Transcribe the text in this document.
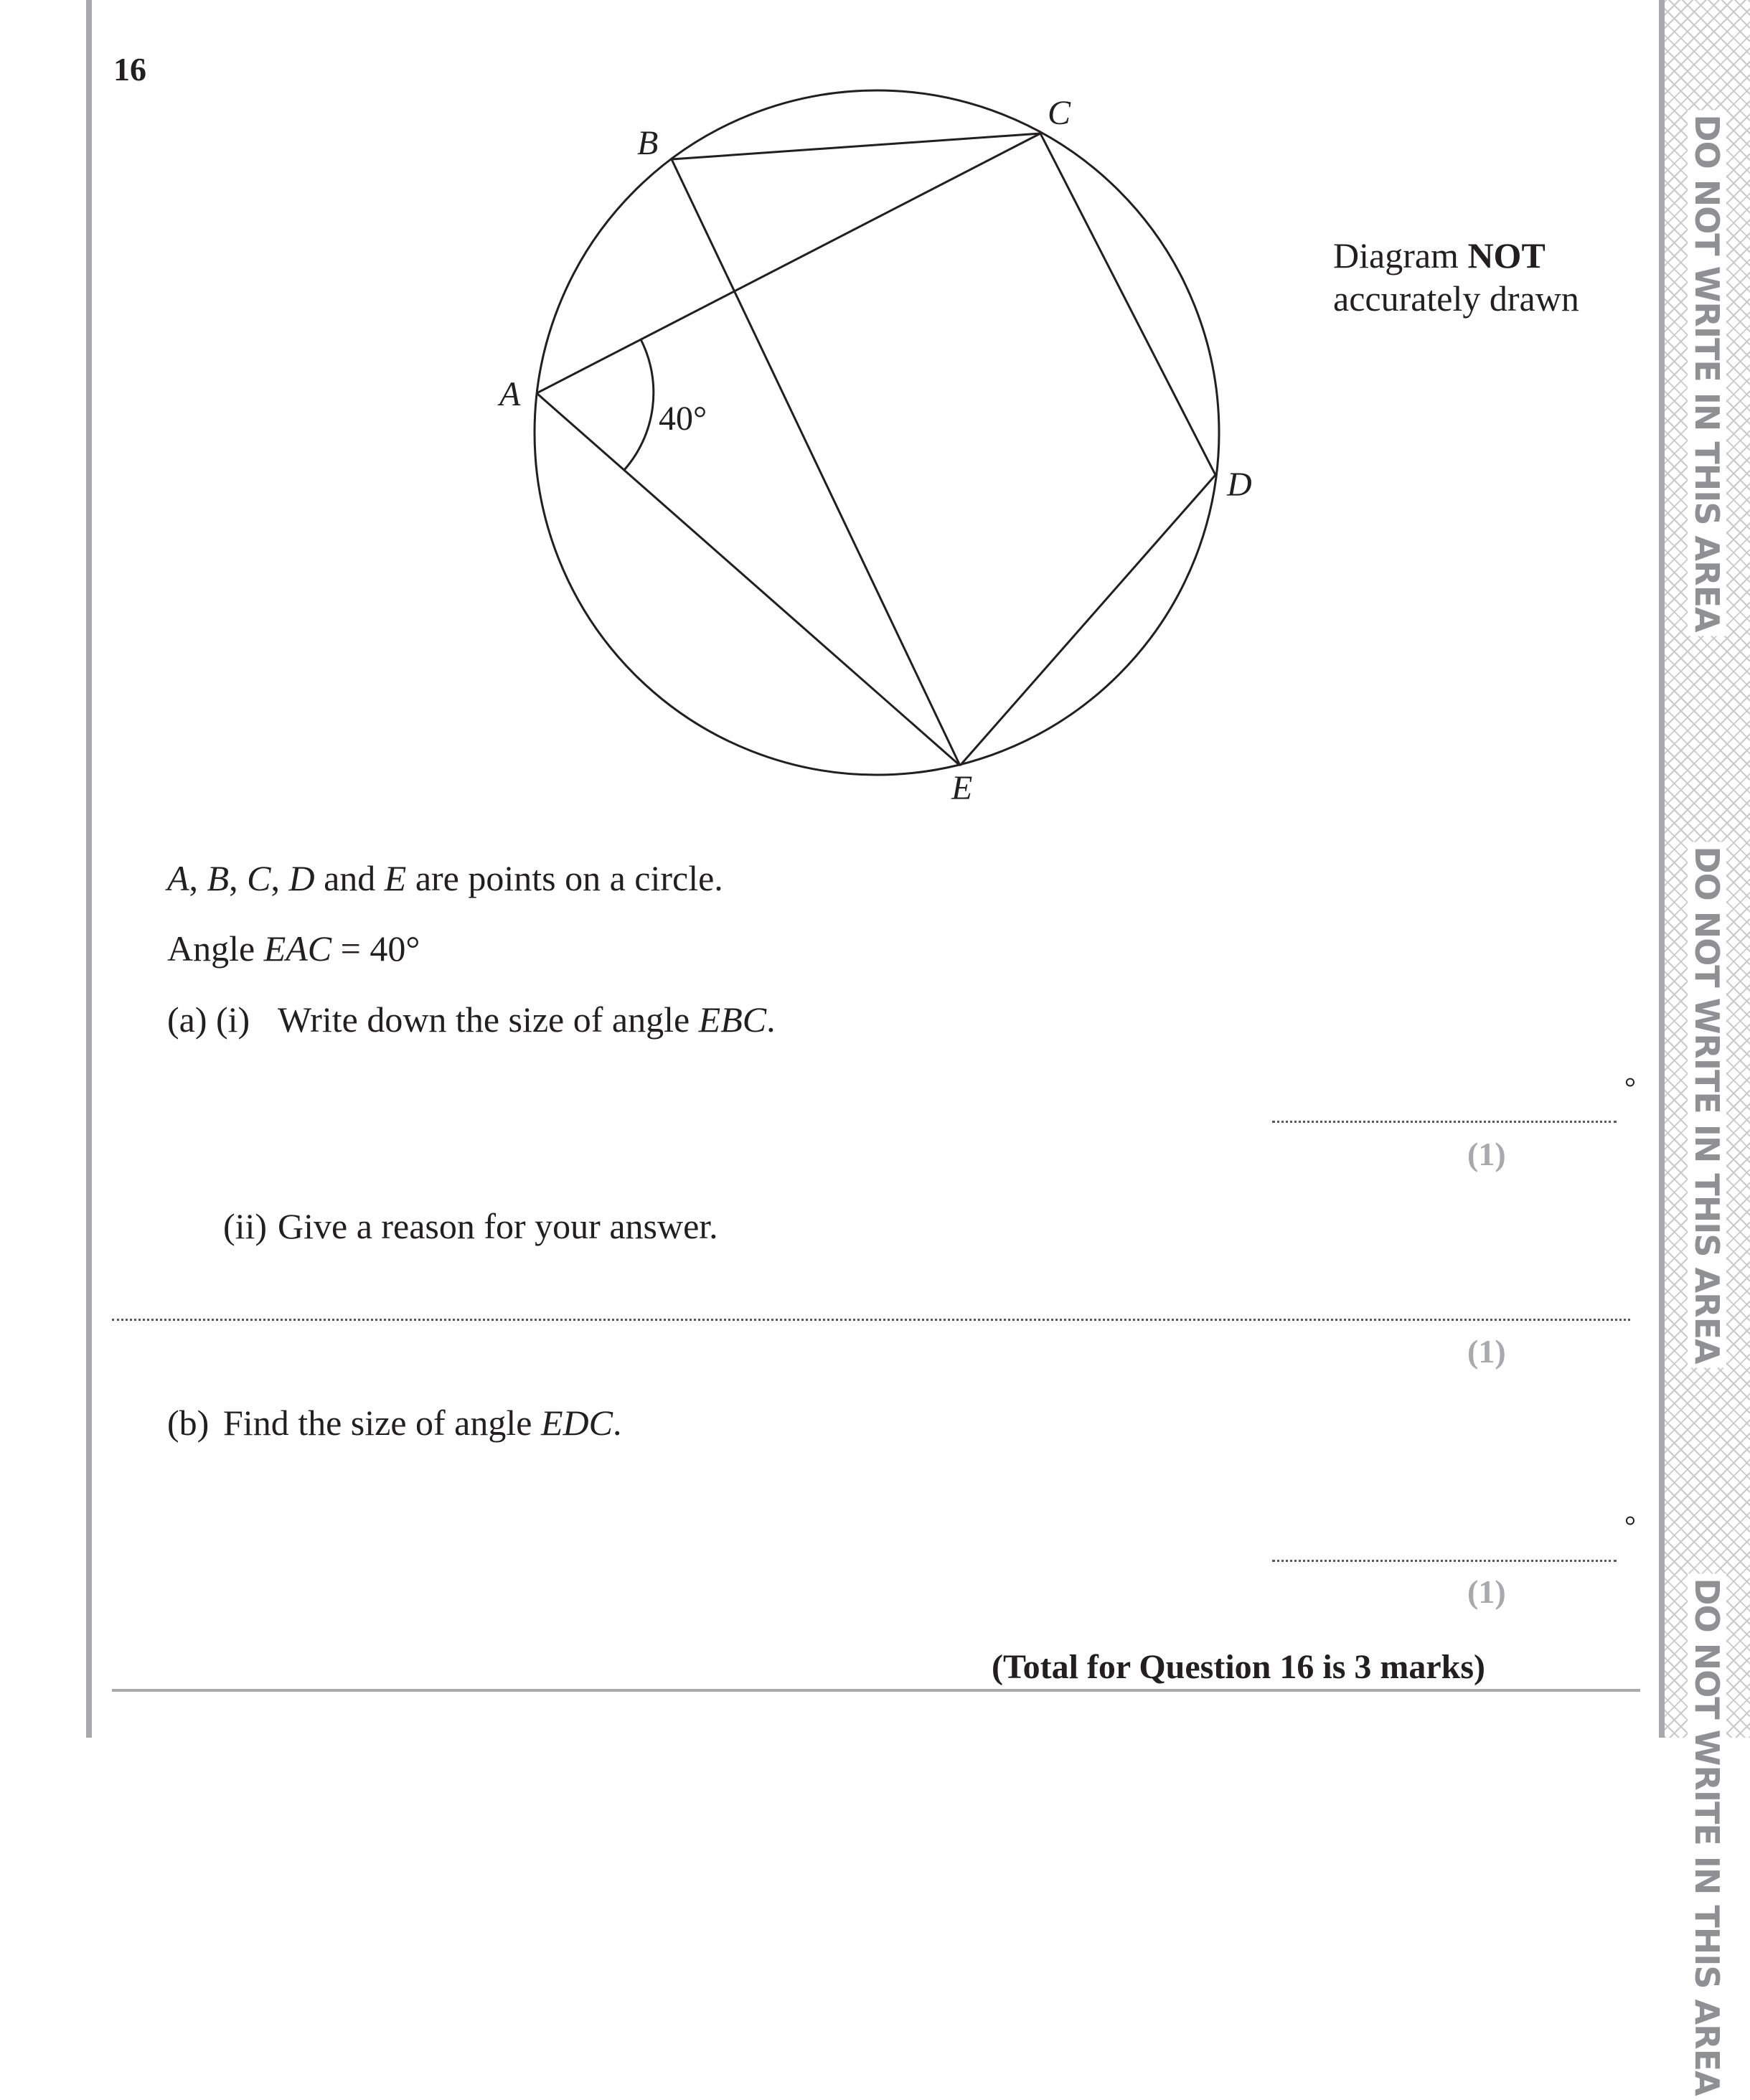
DO NOT WRITE IN THIS AREA
DO NOT WRITE IN THIS AREA
DO NOT WRITE IN THIS AREA
16
B
C
A
D
E
40°
Diagram NOT
accurately drawn
A, B, C, D and E are points on a circle.
Angle EAC = 40°
(a) (i) Write down the size of angle EBC.
°
(1)
(ii) Give a reason for your answer.
(1)
(b) Find the size of angle EDC.
°
(1)
(Total for Question 16 is 3 marks)
